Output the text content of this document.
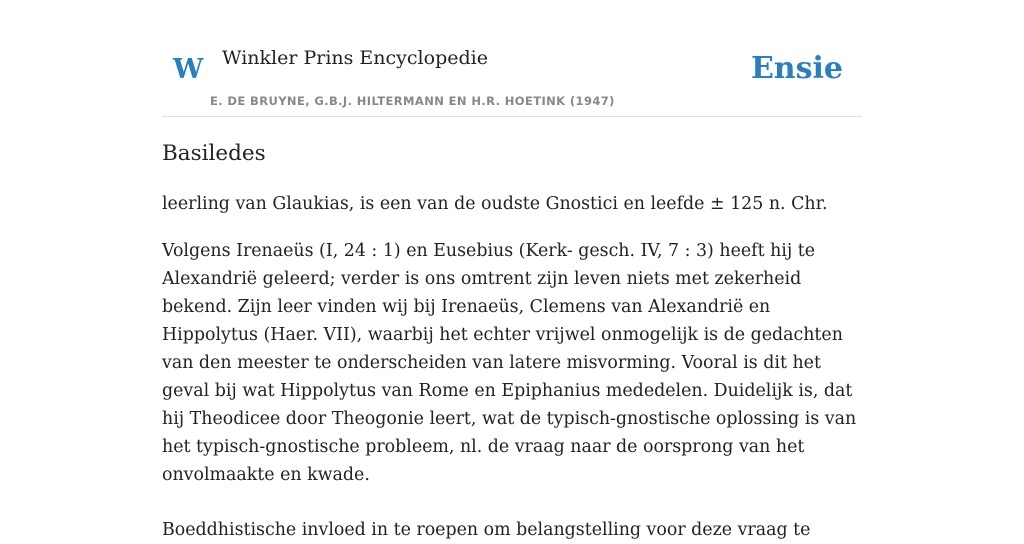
W Winkler Prins Encyclopedie
E. DE BRUYNE, G.B.J. HILTERMANN EN H.R. HOETINK (1947)
Ensie
Basiledes

leerling van Glaukias, is een van de oudste Gnostici en leefde ± 125 n. Chr.

Volgens Irenaeüs (I, 24 : 1) en Eusebius (Kerk- gesch. IV, 7 : 3) heeft hij te Alexandrië geleerd; verder is ons omtrent zijn leven niets met zekerheid bekend. Zijn leer vinden wij bij Irenaeüs, Clemens van Alexandrië en Hippolytus (Haer. VII), waarbij het echter vrijwel onmogelijk is de gedachten van den meester te onderscheiden van latere misvorming. Vooral is dit het geval bij wat Hippolytus van Rome en Epiphanius mededelen. Duidelijk is, dat hij Theodicee door Theogonie leert, wat de typisch-gnostische oplossing is van het typisch-gnostische probleem, nl. de vraag naar de oorsprong van het onvolmaakte en kwade.

Boeddhistische invloed in te roepen om belangstelling voor deze vraag te
